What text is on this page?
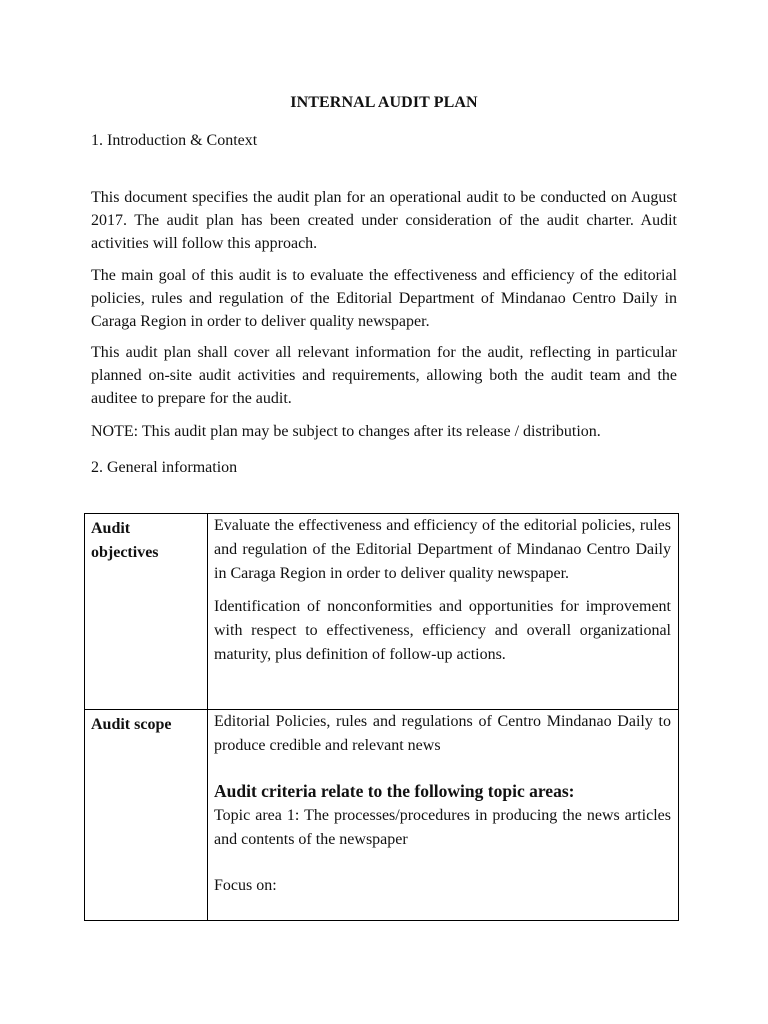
INTERNAL AUDIT PLAN
1. Introduction & Context

This document specifies the audit plan for an operational audit to be conducted on August 2017. The audit plan has been created under consideration of the audit charter. Audit activities will follow this approach.

The main goal of this audit is to evaluate the effectiveness and efficiency of the editorial policies, rules and regulation of the Editorial Department of Mindanao Centro Daily in Caraga Region in order to deliver quality newspaper.

This audit plan shall cover all relevant information for the audit, reflecting in particular planned on-site audit activities and requirements, allowing both the audit team and the auditee to prepare for the audit.

NOTE: This audit plan may be subject to changes after its release / distribution.

2. General information
Audit objectives	Evaluate the effectiveness and efficiency of the editorial policies, rules and regulation of the Editorial Department of Mindanao Centro Daily in Caraga Region in order to deliver quality newspaper.

Identification of nonconformities and opportunities for improvement with respect to effectiveness, efficiency and overall organizational maturity, plus definition of follow-up actions.

Audit scope	Editorial Policies, rules and regulations of Centro Mindanao Daily to produce credible and relevant news

Audit criteria relate to the following topic areas:

Topic area 1: The processes/procedures in producing the news articles and contents of the newspaper

Focus on:
